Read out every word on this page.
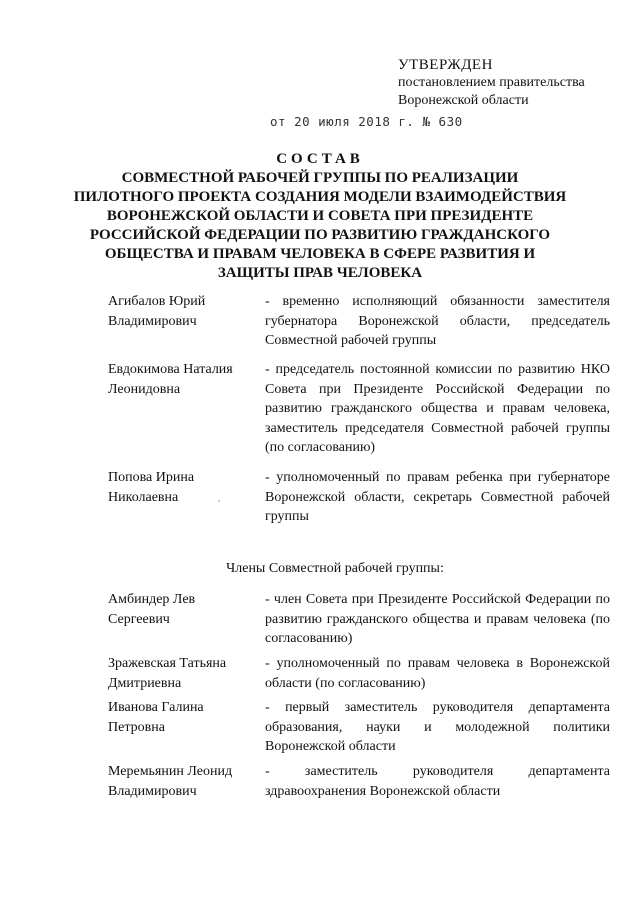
УТВЕРЖДЕН
постановлением правительства
Воронежской области
от 20 июля 2018 г. № 630
СОСТАВ
СОВМЕСТНОЙ РАБОЧЕЙ ГРУППЫ ПО РЕАЛИЗАЦИИ
ПИЛОТНОГО ПРОЕКТА СОЗДАНИЯ МОДЕЛИ ВЗАИМОДЕЙСТВИЯ
ВОРОНЕЖСКОЙ ОБЛАСТИ И СОВЕТА ПРИ ПРЕЗИДЕНТЕ
РОССИЙСКОЙ ФЕДЕРАЦИИ ПО РАЗВИТИЮ ГРАЖДАНСКОГО
ОБЩЕСТВА И ПРАВАМ ЧЕЛОВЕКА В СФЕРЕ РАЗВИТИЯ И
ЗАЩИТЫ ПРАВ ЧЕЛОВЕКА
Агибалов Юрий
Владимирович
- временно исполняющий обязанности заместителя губернатора Воронежской области, председатель Совместной рабочей группы
Евдокимова Наталия
Леонидовна
- председатель постоянной комиссии по развитию НКО Совета при Президенте Российской Федерации по развитию гражданского общества и правам человека, заместитель председателя Совместной рабочей группы (по согласованию)
Попова Ирина
Николаевна
- уполномоченный по правам ребенка при губернаторе Воронежской области, секретарь Совместной рабочей группы
Члены Совместной рабочей группы:
Амбиндер Лев
Сергеевич
- член Совета при Президенте Российской Федерации по развитию гражданского общества и правам человека (по согласованию)
Зражевская Татьяна
Дмитриевна
- уполномоченный по правам человека в Воронежской области (по согласованию)
Иванова Галина
Петровна
- первый заместитель руководителя департамента образования, науки и молодежной политики Воронежской области
Меремьянин Леонид
Владимирович
- заместитель руководителя департамента здравоохранения Воронежской области
